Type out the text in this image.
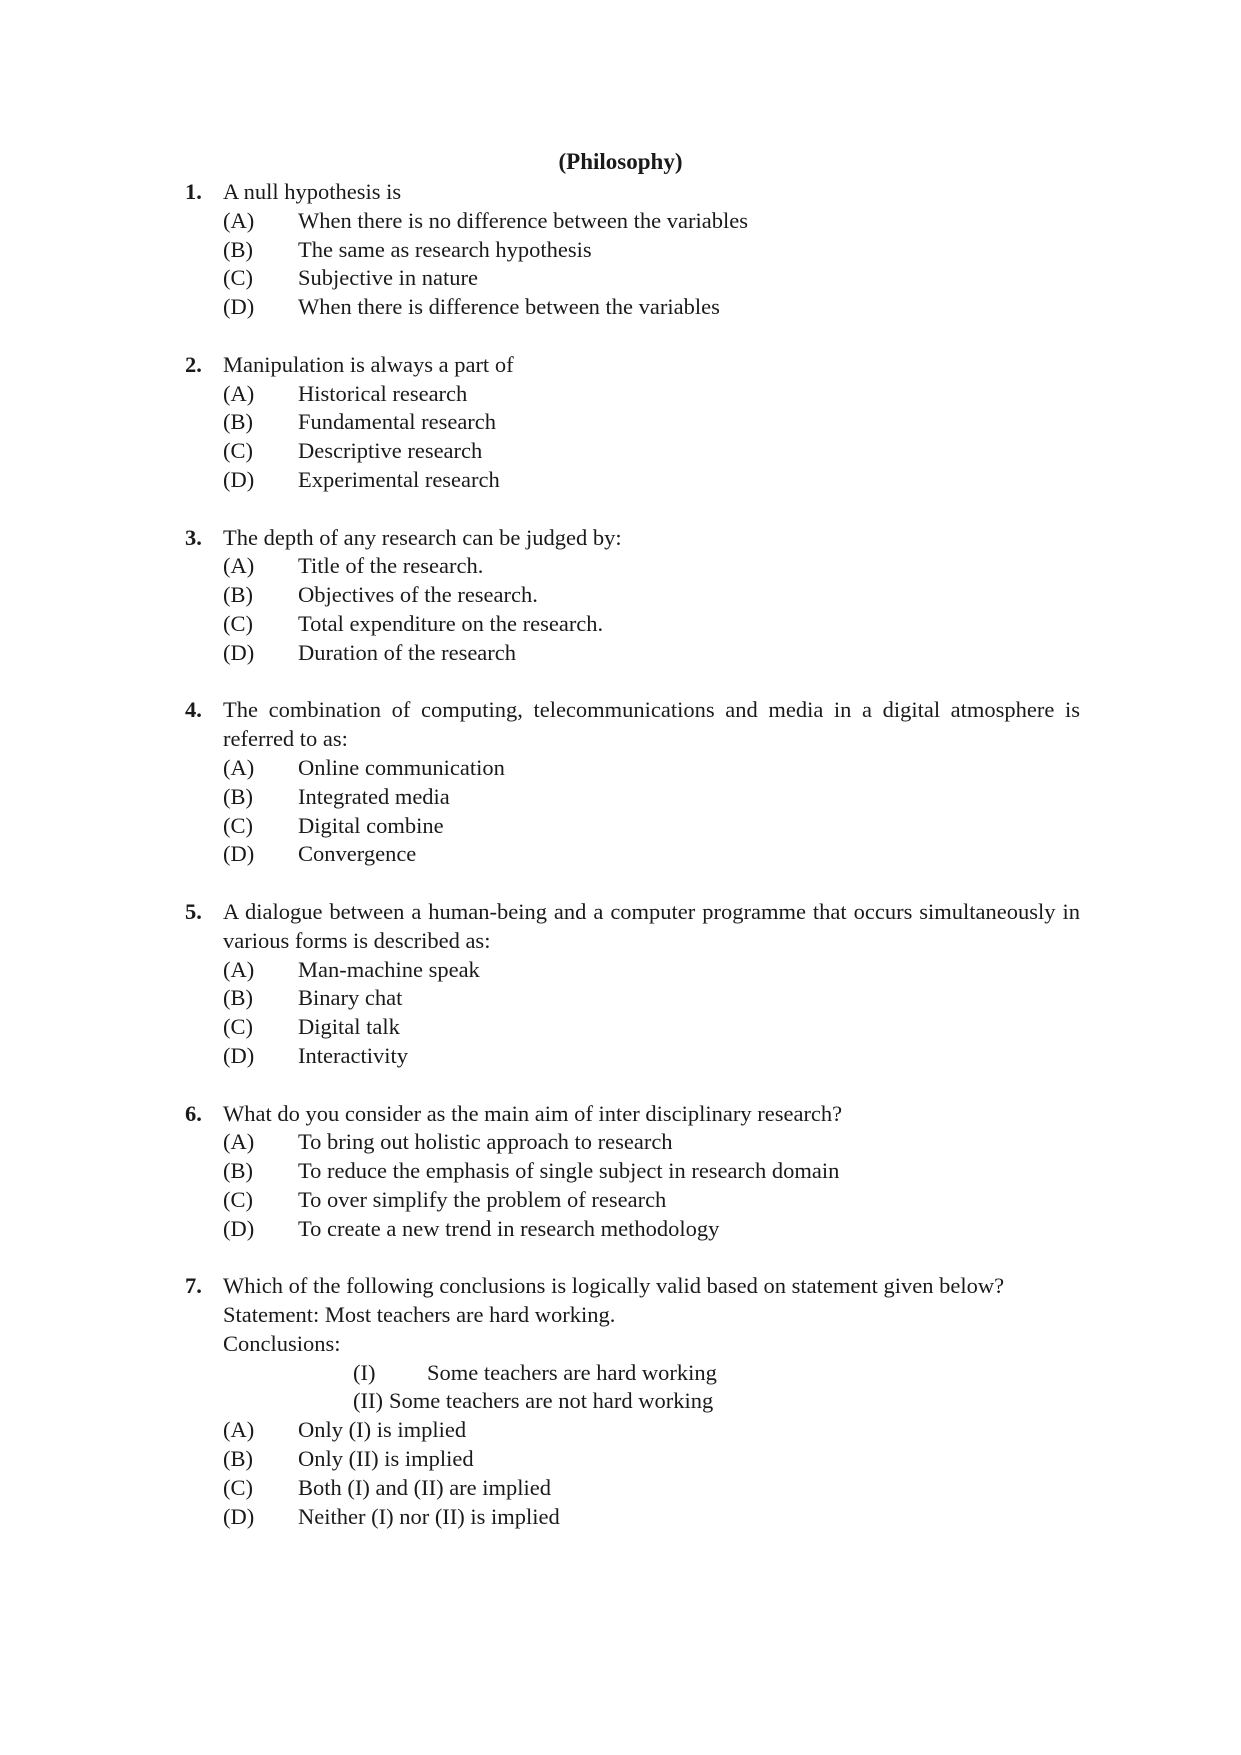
(Philosophy)
1. A null hypothesis is
(A)	When there is no difference between the variables
(B)	The same as research hypothesis
(C)	Subjective in nature
(D)	When there is difference between the variables
2. Manipulation is always a part of
(A)	Historical research
(B)	Fundamental research
(C)	Descriptive research
(D)	Experimental research
3. The depth of any research can be judged by:
(A)	Title of the research.
(B)	Objectives of the research.
(C)	Total expenditure on the research.
(D)	Duration of the research
4. The combination of computing, telecommunications and media in a digital atmosphere is referred to as:
(A)	Online communication
(B)	Integrated media
(C)	Digital combine
(D)	Convergence
5. A dialogue between a human-being and a computer programme that occurs simultaneously in various forms is described as:
(A)	Man-machine speak
(B)	Binary chat
(C)	Digital talk
(D)	Interactivity
6. What do you consider as the main aim of inter disciplinary research?
(A)	To bring out holistic approach to research
(B)	To reduce the emphasis of single subject in research domain
(C)	To over simplify the problem of research
(D)	To create a new trend in research methodology
7. Which of the following conclusions is logically valid based on statement given below?
Statement: Most teachers are hard working.
Conclusions:
(I) Some teachers are hard working
(II) Some teachers are not hard working
(A)	Only (I) is implied
(B)	Only (II) is implied
(C)	Both (I) and (II) are implied
(D)	Neither (I) nor (II) is implied
